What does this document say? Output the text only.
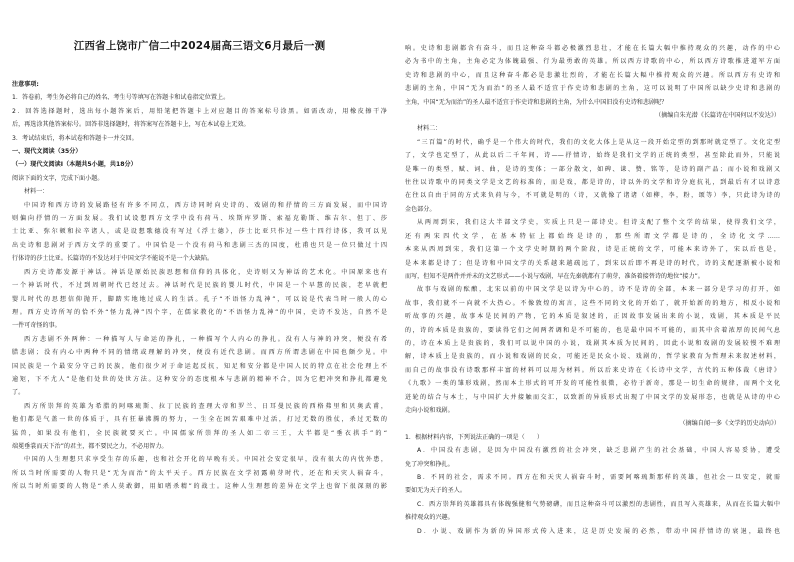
江西省上饶市广信二中2024届高三语文6月最后一测
注意事项:
1．答卷前，考生务必将自己的姓名、考生号等填写在答题卡和试卷指定位置上。
2．回答选择题时，选出每小题答案后，用铅笔把答题卡上对应题目的答案标号涂黑。如需改动，用橡皮擦干净
后，再选涂其他答案标号。回答非选择题时，将答案写在答题卡上，写在本试卷上无效。
3．考试结束后，将本试卷和答题卡一并交回。
一、现代文阅读（35分）
（一）现代文阅读Ⅰ（本题共5小题，共18分）
阅读下面的文字，完成下面小题。
材料一：
中国诗和西方诗的发展路径有许多不同点，西方诗同时向史诗的、戏剧的和抒情的三方面发展，而中国诗
则偏向抒情的一方面发展。我们试设想西方文学中没有荷马、埃斯库罗斯、索福克勒斯、维吉尔、但丁、莎
士比亚、弥尔顿和拉辛诸人，或是设想歌德没有写过《浮士德》，莎士比亚只作过一些十四行诗体，我可以见
出史诗和悲剧对于西方文学的重要了。中国恰是一个没有荷马和悲剧三杰的国度，杜甫也只是一位只做过十四
行体诗的莎士比亚。长篇诗的不发达对于中国文学不能说不是一个大缺陷。
西方史诗都发源于神话。神话是原始民族思想和信仰的具体化，史诗则又为神话的艺术化。中国原来也有
一个神话时代，不过到周朝时代已经过去。神话时代是民族的婴儿时代，中国是一个早慧的民族，老早就把
婴儿时代的思想信仰抛开，脚踏实地地过成人的生活。孔子“不语怪力乱神”，可以说是代表当时一般人的心
理。西方史诗所写的恰不外“怪力乱神”四个字，在儒家教化的“不语怪力乱神”的中国，史诗不发达，自然不是
一件可奇怪的事。
西方悲剧不外两种：一种描写人与命运的挣扎，一种描写个人内心的挣扎。没有人与神的冲突，便没有希
腊悲剧；没有内心中两种不同的情绪或理解的冲突，便没有近代悲剧。而西方所谓悲剧在中国也颇少见。中
国民族是一个最安分守己的民族，他们很少对于命运起反抗，知足和安分都是中国人民的特点在社会伦理上不
逾矩，下不尤人”是他们处世的处世方法。这种安分的态度根本与悲剧的精神不合，因为它把冲突和挣扎都避免
了。
西方所崇拜的英雄为希腊的阿喀琉斯、拉丁民族的查理大帝和罗兰、日耳曼民族的西格弗里和贝奥武甫，
他们都是气盖一世的体质于，具有狂暴沸腾的努力，一生全在困苦艰难中过活，打过无数的胜仗，杀过无数的
猛兽，如果没有他们，全民族就要灭亡。中国儒家所崇拜的圣人如二帝三王，大半都是“垂衣拱手”的“
端冕垂裳而天下治”的君主，都不要民之力，不必用智力。
中国的人生理想只求享受生存的乐趣，也和社会开化的早晚有关。中国社会安定很早，没有很大的内忧外患，
所以当时所需要的人物只是“无为而治”的太平天子。西方民族在文学初露萌芽时代，还在和天灾人祸奋斗，
所以当时所需要的人物是“杀人莫敢御，用如嗜杀精”的战士。这种人生理想的差异在文学上也留下很深刻的影
响。史诗和悲剧都含有奋斗，而且这种奋斗都必极激烈悲壮，才能在长篇大幅中推持观众的兴趣，动作的中心
必为书中的主角，主角必定为体魄最强、行为最勇敢的英雄。所以西方诗歌的中心，所以西方诗歌推进道军方面
史诗和悲剧的中心，而且这种奋斗都必是悲激壮烈的，才能在长篇大幅中推持观众的兴趣。所以西方有史诗和
悲剧的主角，中国“无为而治”的圣人最不适宜于作史诗和悲剧的主角，这可以说明了中国所以缺少史诗和悲剧的
主角，中国“无为而治”的圣人最不适宜于作史诗和悲剧的主角，为什么中国旧没有史诗和悲剧呢？
（摘编自朱光潜《长篇诗在中国何以不发达》）
材料二：
“三百篇”的时代，确乎是一个伟大的时代，我们的文化大体上是从这一段开始定型的到那时就定型了。文化定型
了，文学也定型了，从此以后二千年间，诗——抒情诗，始终是我们文学的正统的类型，甚至除此而外，只能说
是唯一的类型，赋、词、曲，是诗的变体；一部分散文，如碑、诔、赞、铭等，是诗的副产品；而小说和戏剧又
往往以诗歌中的同类文学是文艺的标准的，而是戏，都是诗的，诗以外的文学和诗分庭抗礼，到最后有才以诗意
在往以自由于同的方式来负荷与今，不可就是明的（诗，又就像了诸诸（如柳，李，粉，颂等）李，只此诗为诗的
金色部分。
从两周到宋，我们这大半部文学史，实质上只是一部诗史。但诗支配了整个文学的结果，使得我们文学，
还有两宋四代文学，在基本特征上都始终是诗的，那些所谓文学都是诗的，全诗化文学……
本来从西周到宋，我们这第一个文学史时期的两个阶段，诗是正统的文学，可能本来诗外了，宋以后也是，
是本来都是诗了；但是诗和中国文学的关系越来越疏远了，到宋以后即不再是诗的时代，诗的支配逐渐被小说和
而写，但知不是两件并并未的文艺形式——小说与戏剧，早在先秦就都有了萌芽，准备着接替诗的地位“接力”。
故事与戏剧的酝酿，北宋以前的中国文学是以诗为中心的，诗不是诗的全部，本来一部分是学习的打开，如
故事，我们就不一向就不大热心。不像敦煌的寓言，这些不同的文化的开始了，就开始新的的地方，相反小说和
听故事的兴趣，故事本是民间的产物，它的本质是叙述的，正因故事发展出来的小说，戏剧，其本质是平民
的，诗的本质是贵族的，要读得它们之间两者调和是不可能的，也是最中国不可能的，而其中含着浓厚的民间气息
的，诗在本质上是贵族的，我们可以说中国的小说，戏剧其本质为民间的，因此小说和戏剧的发展较慢不难理
解，诗本质上是贵族的，而小说和戏剧的民众，可能还是民众小说、戏剧的，哲学家教育为哲理未来叙述材料，
而自己的故事没有诗歌那样丰富的材料可以用为材料。所以后来史诗在《长诗中文学，古代的五种体裁《唐诗》
《九歌》一类的雏形戏剧，然而本土形式的可开发的可能性很微，必待于新奇，那是一切生命的规律，而两个文化
迸轮的结合与本土，与中国扩大并接触而交汇，以致新的异质形式出现了中国文学的发展形态，也就是从诗的中心
走向小说和戏剧。
（摘编自闻一多《文学的历史动向》）
1．根据材料内容，下列说法正确的一项是（　　）
A．中国没有悲剧，是因为中国没有激烈的社会冲突，缺乏悲剧产生的社会基础，中国人容易妥协，遭受
免了冲突和挣扎。
B．不同的社会，需求不同。西方在和天灾人祸奋斗时，需要阿喀琉斯那样的英雄，但社会一旦安定，就需
要如无为天子的圣人。
C．西方崇拜的英雄都具有体魄强健和气势磅礴，而且这种奋斗可以激烈的悲剧性，而且写入英雄来，从而在长篇大幅中
推持观众的兴趣。
D．小说、戏剧作为新的异国形式传入进来，这是历史发展的必然，带动中国抒情诗的衰退，最终也
